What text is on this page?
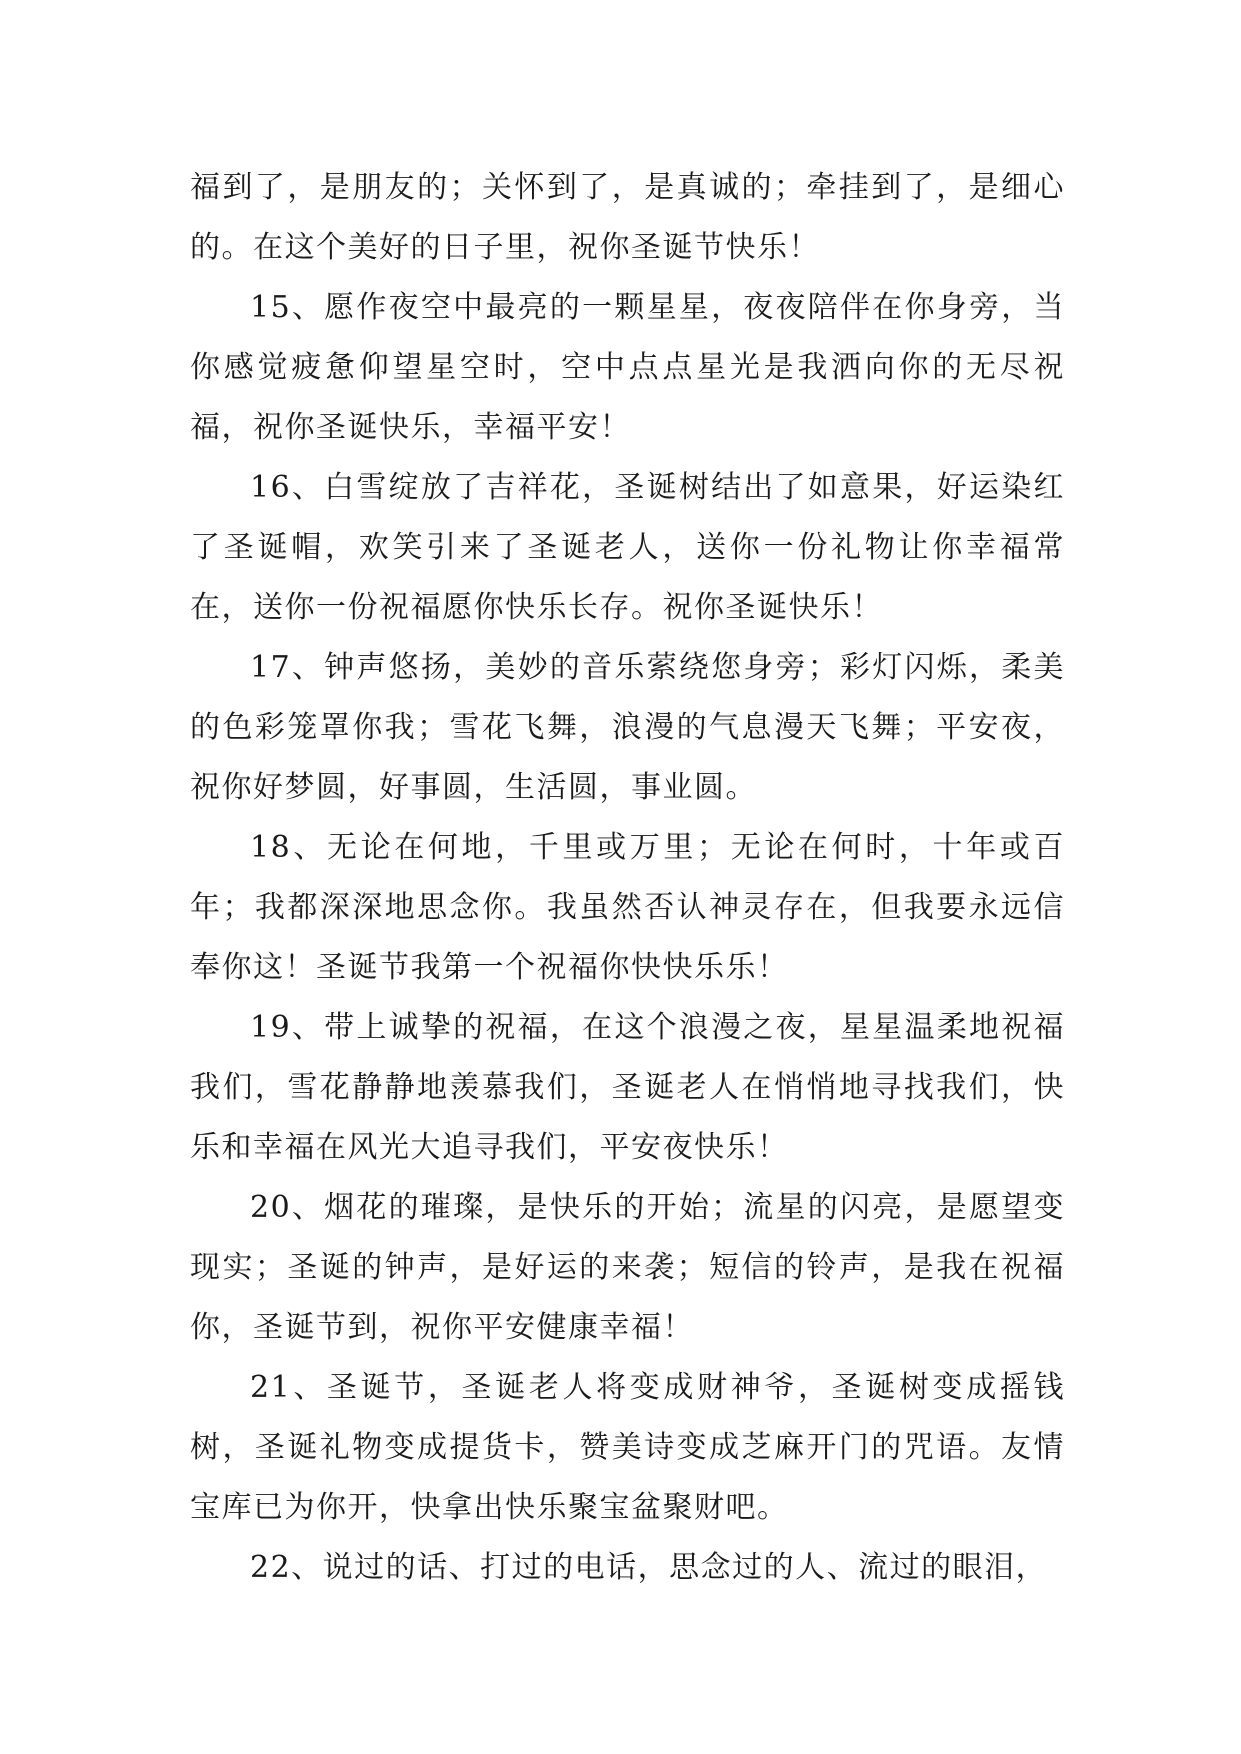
福到了，是朋友的；关怀到了，是真诚的；牵挂到了，是细心的。在这个美好的日子里，祝你圣诞节快乐！

15、愿作夜空中最亮的一颗星星，夜夜陪伴在你身旁，当你感觉疲惫仰望星空时，空中点点星光是我洒向你的无尽祝福，祝你圣诞快乐，幸福平安！

16、白雪绽放了吉祥花，圣诞树结出了如意果，好运染红了圣诞帽，欢笑引来了圣诞老人，送你一份礼物让你幸福常在，送你一份祝福愿你快乐长存。祝你圣诞快乐！

17、钟声悠扬，美妙的音乐萦绕您身旁；彩灯闪烁，柔美的色彩笼罩你我；雪花飞舞，浪漫的气息漫天飞舞；平安夜，祝你好梦圆，好事圆，生活圆，事业圆。

18、无论在何地，千里或万里；无论在何时，十年或百年；我都深深地思念你。我虽然否认神灵存在，但我要永远信奉你这！圣诞节我第一个祝福你快快乐乐！

19、带上诚挚的祝福，在这个浪漫之夜，星星温柔地祝福我们，雪花静静地羡慕我们，圣诞老人在悄悄地寻找我们，快乐和幸福在风光大追寻我们，平安夜快乐！

20、烟花的璀璨，是快乐的开始；流星的闪亮，是愿望变现实；圣诞的钟声，是好运的来袭；短信的铃声，是我在祝福你，圣诞节到，祝你平安健康幸福！

21、圣诞节，圣诞老人将变成财神爷，圣诞树变成摇钱树，圣诞礼物变成提货卡，赞美诗变成芝麻开门的咒语。友情宝库已为你开，快拿出快乐聚宝盆聚财吧。

22、说过的话、打过的电话，思念过的人、流过的眼泪，
